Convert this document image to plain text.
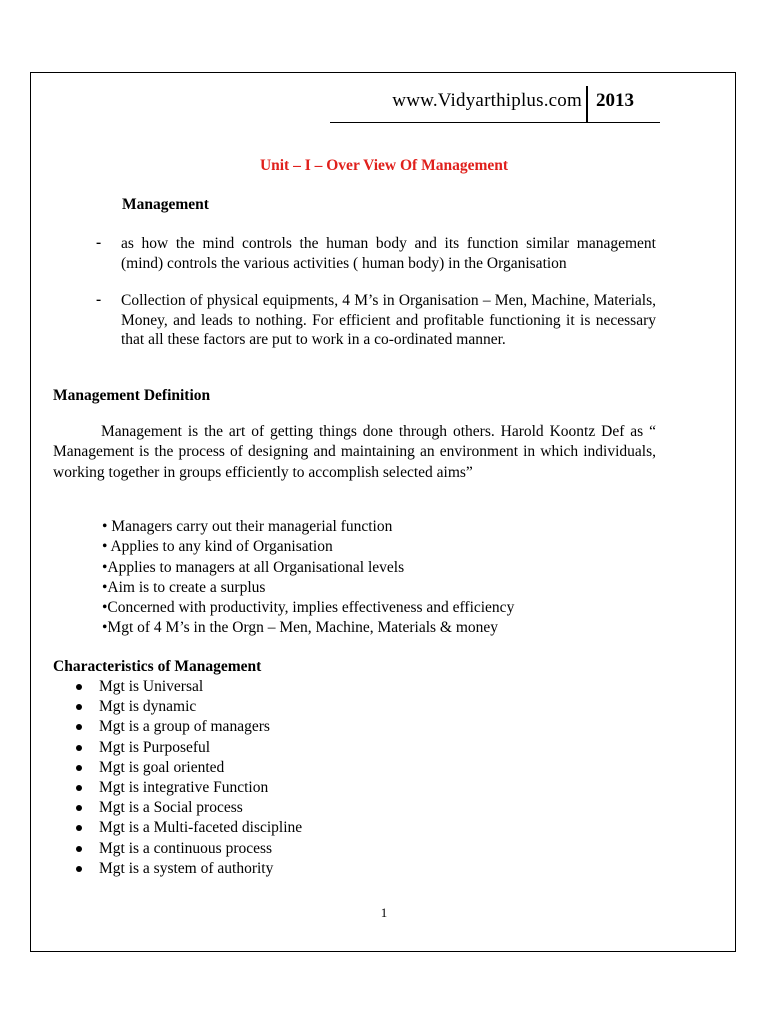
www.Vidyarthiplus.com 2013
Unit – I – Over View Of Management
Management
- as how the mind controls the human body and its function similar management (mind) controls the various activities ( human body) in the Organisation
- Collection of physical equipments, 4 M’s in Organisation – Men, Machine, Materials, Money, and leads to nothing. For efficient and profitable functioning it is necessary that all these factors are put to work in a co-ordinated manner.
Management Definition
Management is the art of getting things done through others. Harold Koontz Def as “ Management is the process of designing and maintaining an environment in which individuals, working together in groups efficiently to accomplish selected aims”
• Managers carry out their managerial function
• Applies to any kind of Organisation
•Applies to managers at all Organisational levels
•Aim is to create a surplus
•Concerned with productivity, implies effectiveness and efficiency
•Mgt of 4 M’s in the Orgn – Men, Machine, Materials & money
Characteristics of Management
Mgt is Universal
Mgt is dynamic
Mgt is a group of managers
Mgt is Purposeful
Mgt is goal oriented
Mgt is integrative Function
Mgt is a Social process
Mgt is a Multi-faceted discipline
Mgt is a continuous process
Mgt is a system of authority
1
